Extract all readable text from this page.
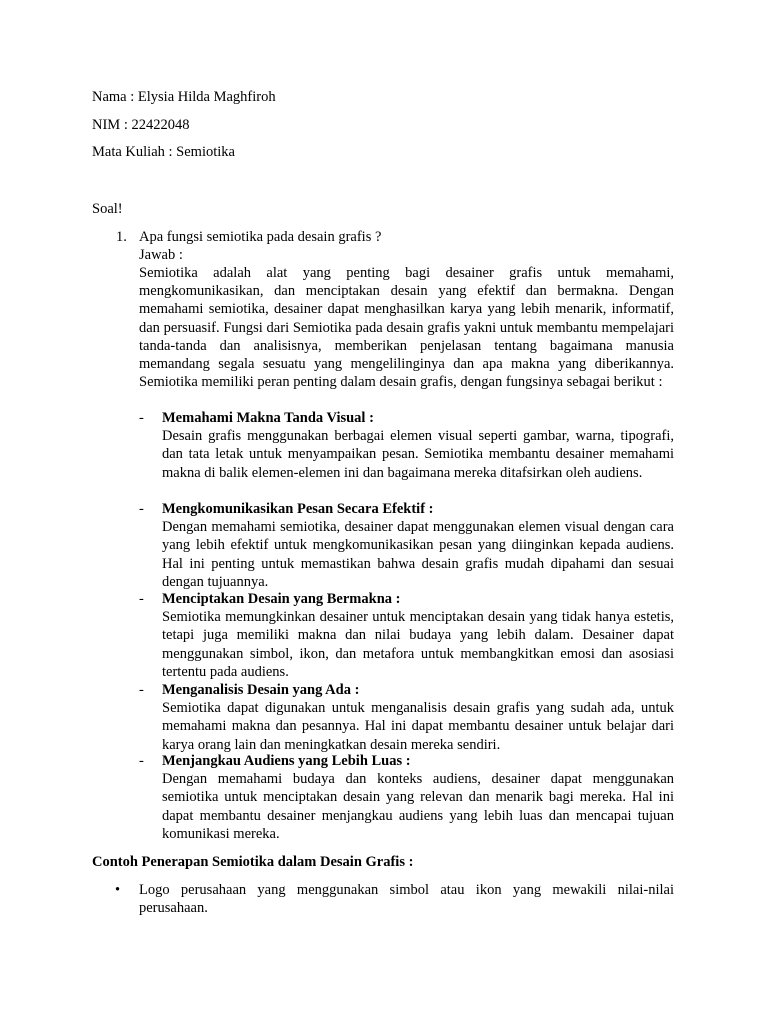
Nama : Elysia Hilda Maghfiroh
NIM : 22422048
Mata Kuliah : Semiotika
Soal!
1. Apa fungsi semiotika pada desain grafis ?
Jawab :
Semiotika adalah alat yang penting bagi desainer grafis untuk memahami, mengkomunikasikan, dan menciptakan desain yang efektif dan bermakna. Dengan memahami semiotika, desainer dapat menghasilkan karya yang lebih menarik, informatif, dan persuasif. Fungsi dari Semiotika pada desain grafis yakni untuk membantu mempelajari tanda-tanda dan analisisnya, memberikan penjelasan tentang bagaimana manusia memandang segala sesuatu yang mengelilinginya dan apa makna yang diberikannya. Semiotika memiliki peran penting dalam desain grafis, dengan fungsinya sebagai berikut :
- Memahami Makna Tanda Visual :
Desain grafis menggunakan berbagai elemen visual seperti gambar, warna, tipografi, dan tata letak untuk menyampaikan pesan. Semiotika membantu desainer memahami makna di balik elemen-elemen ini dan bagaimana mereka ditafsirkan oleh audiens.
- Mengkomunikasikan Pesan Secara Efektif :
Dengan memahami semiotika, desainer dapat menggunakan elemen visual dengan cara yang lebih efektif untuk mengkomunikasikan pesan yang diinginkan kepada audiens. Hal ini penting untuk memastikan bahwa desain grafis mudah dipahami dan sesuai dengan tujuannya.
- Menciptakan Desain yang Bermakna :
Semiotika memungkinkan desainer untuk menciptakan desain yang tidak hanya estetis, tetapi juga memiliki makna dan nilai budaya yang lebih dalam. Desainer dapat menggunakan simbol, ikon, dan metafora untuk membangkitkan emosi dan asosiasi tertentu pada audiens.
- Menganalisis Desain yang Ada :
Semiotika dapat digunakan untuk menganalisis desain grafis yang sudah ada, untuk memahami makna dan pesannya. Hal ini dapat membantu desainer untuk belajar dari karya orang lain dan meningkatkan desain mereka sendiri.
- Menjangkau Audiens yang Lebih Luas :
Dengan memahami budaya dan konteks audiens, desainer dapat menggunakan semiotika untuk menciptakan desain yang relevan dan menarik bagi mereka. Hal ini dapat membantu desainer menjangkau audiens yang lebih luas dan mencapai tujuan komunikasi mereka.
Contoh Penerapan Semiotika dalam Desain Grafis :
• Logo perusahaan yang menggunakan simbol atau ikon yang mewakili nilai-nilai perusahaan.
